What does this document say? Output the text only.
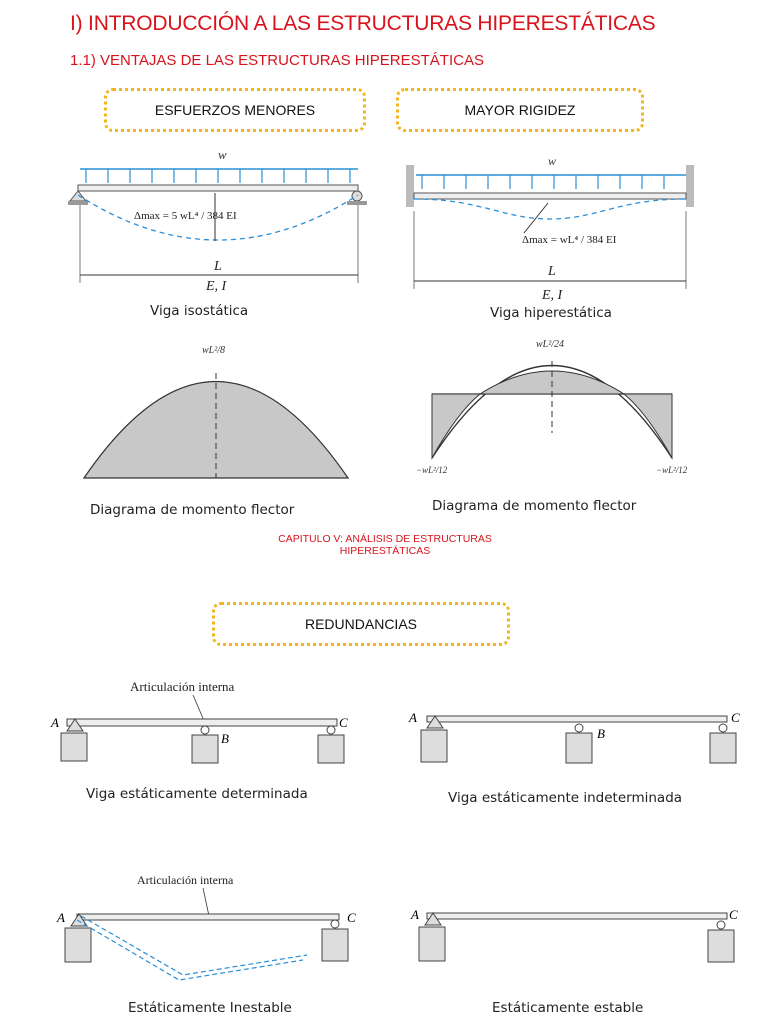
I) INTRODUCCIÓN A LAS ESTRUCTURAS HIPERESTÁTICAS
1.1) VENTAJAS DE LAS ESTRUCTURAS HIPERESTÁTICAS
ESFUERZOS MENORES	MAYOR RIGIDEZ
w
Δmax = 5 wL⁴ / 384 EI
L
E, I
Viga isostática
w
Δmax = wL⁴ / 384 EI
L
E, I
Viga hiperestática
wL²/8
Diagrama de momento flector
wL²/24
−wL²/12	−wL²/12
Diagrama de momento flector
CAPITULO V: ANÁLISIS DE ESTRUCTURAS
HIPERESTÁTICAS
REDUNDANCIAS
Articulación interna
A
B
C
Viga estáticamente determinada
A
B
C
Viga estáticamente indeterminada
Articulación interna
A	C
Estáticamente Inestable
A	C
Estáticamente estable
